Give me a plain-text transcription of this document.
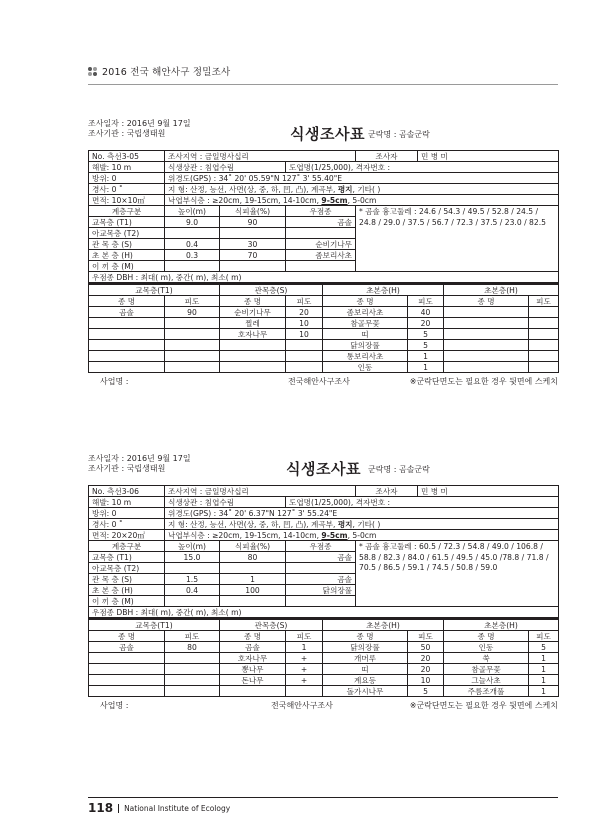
2016 전국 해안사구 정밀조사
조사일자 : 2016년 9월 17일
조사기관 : 국립생태원	식생조사표 군락명 : 곰솔군락
No. 측선3-05	조사지역 : 금일명사십리			조사자	민 병 미
해발: 10 m	식생상관 : 침엽수림		도엽명(1/25,000), 격자번호 :		
방위: 0	위경도(GPS) : 34˚ 20' 05.59"N 127˚ 3' 55.40"E				
경사: 0 ˚	지 형: 산정, 능선, 사면(상, 중, 하, 凹, 凸), 계곡부, 평지, 기타( )				
면적: 10×10㎡	낙엽부식층 : ≥20cm, 19-15cm, 14-10cm, 9-5cm, 5-0cm				
계층구분	높이(m)	식피율(%)	우점종	* 곰솔 흉고둘레 : 24.6 / 54.3 / 49.5 / 52.8 / 24.5 / 24.8 / 29.0 / 37.5 / 56.7 / 72.3 / 37.5 / 23.0 / 82.5	
교목층 (T1)	9.0	90	곰솔		
아교목층 (T2)					
관 목 층 (S)	0.4	30	순비기나무		
초 본 층 (H)	0.3	70	좀보리사초		
이 끼 층 (M)					
우점종 DBH : 최대( m), 중간( m), 최소( m)					
교목층(T1)		관목층(S)		초본층(H)		초본층(H)	
종 명	피도	종 명	피도	종 명	피도	종 명	피도
곰솔	90	순비기나무	20	좀보리사초	40		
		찔레	10	참골무꽃	20		
		호자나무	10	띠	5		
				닭의장풀	5		
				통보리사초	1		
				인동	1		
사업명 :	전국해안사구조사	※군락단면도는 필요한 경우 뒷면에 스케치
조사일자 : 2016년 9월 17일
조사기관 : 국립생태원	식생조사표 군락명 : 곰솔군락
No. 측선3-06	조사지역 : 금일명사십리			조사자	민 병 미
해발: 10 m	식생상관 : 침엽수림		도엽명(1/25,000), 격자번호 :		
방위: 0	위경도(GPS) : 34˚ 20' 6.37"N 127˚ 3' 55.24"E				
경사: 0 ˚	지 형: 산정, 능선, 사면(상, 중, 하, 凹, 凸), 계곡부, 평지, 기타( )				
면적: 20×20㎡	낙엽부식층 : ≥20cm, 19-15cm, 14-10cm, 9-5cm, 5-0cm				
계층구분	높이(m)	식피율(%)	우점종	* 곰솔 흉고둘레 : 60.5 / 72.3 / 54.8 / 49.0 / 106.8 / 58.8 / 82.3 / 84.0 / 61.5 / 49.5 / 45.0 /78.8 / 71.8 / 70.5 / 86.5 / 59.1 / 74.5 / 50.8 / 59.0	
교목층 (T1)	15.0	80	곰솔		
아교목층 (T2)					
관 목 층 (S)	1.5	1	곰솔		
초 본 층 (H)	0.4	100	닭의장풀		
이 끼 층 (M)					
우점종 DBH : 최대( m), 중간( m), 최소( m)					
교목층(T1)		관목층(S)		초본층(H)		초본층(H)	
종 명	피도	종 명	피도	종 명	피도	종 명	피도
곰솔	80	곰솔	1	닭의장풀	50	인동	5
		호자나무	+	개머루	20	쑥	1
		뽕나무	+	띠	20	참골무꽃	1
		돈나무	+	계요등	10	그늘사초	1
				돌가시나무	5	주름조개풀	1
사업명 :	전국해안사구조사	※군락단면도는 필요한 경우 뒷면에 스케치
118 National Institute of Ecology
